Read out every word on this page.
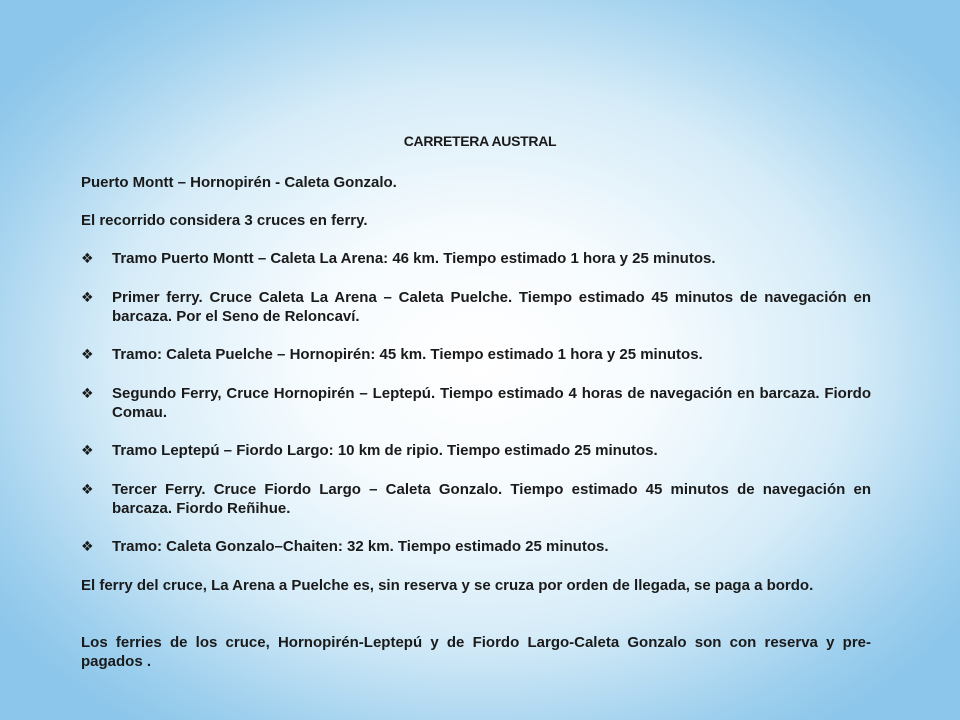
CARRETERA AUSTRAL
Puerto Montt – Hornopirén - Caleta Gonzalo.
El recorrido considera 3 cruces en ferry.
❖	Tramo Puerto Montt – Caleta La Arena: 46 km. Tiempo estimado 1 hora y 25 minutos.
❖	Primer ferry. Cruce Caleta La Arena – Caleta Puelche. Tiempo estimado 45 minutos de navegación en barcaza. Por el Seno de Reloncaví.
❖	Tramo: Caleta Puelche – Hornopirén: 45 km. Tiempo estimado 1 hora y 25 minutos.
❖	Segundo Ferry, Cruce Hornopirén – Leptepú. Tiempo estimado 4 horas de navegación en barcaza. Fiordo Comau.
❖	Tramo Leptepú – Fiordo Largo: 10 km de ripio. Tiempo estimado 25 minutos.
❖	Tercer Ferry. Cruce Fiordo Largo – Caleta Gonzalo. Tiempo estimado 45 minutos de navegación en barcaza. Fiordo Reñihue.
❖	Tramo: Caleta Gonzalo–Chaiten: 32 km. Tiempo estimado 25 minutos.
El ferry del cruce, La Arena a Puelche es, sin reserva y se cruza por orden de llegada, se paga a bordo.
Los ferries de los cruce, Hornopirén-Leptepú y de Fiordo Largo-Caleta Gonzalo son con reserva y pre-pagados .
